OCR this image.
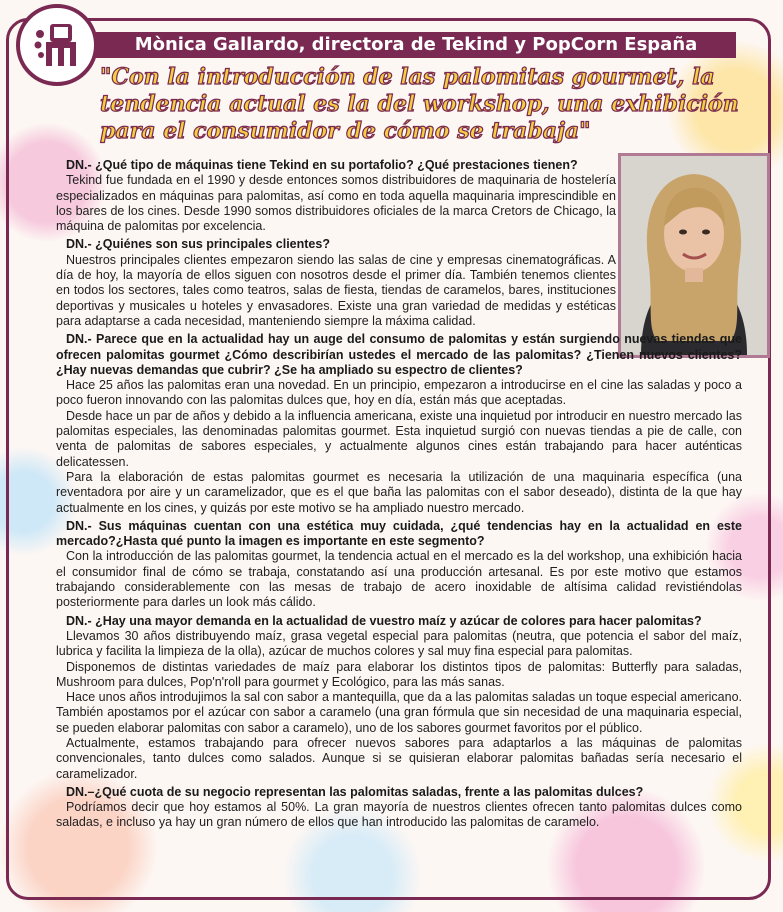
Mònica Gallardo, directora de Tekind y PopCorn España
"Con la introducción de las palomitas gourmet, la tendencia actual es la del workshop, una exhibición para el consumidor de cómo se trabaja"

DN.- ¿Qué tipo de máquinas tiene Tekind en su portafolio? ¿Qué prestaciones tienen?

Tekind fue fundada en el 1990 y desde entonces somos distribuidores de maquinaria de hostelería especializados en máquinas para palomitas, así como en toda aquella maquinaria imprescindible en los bares de los cines. Desde 1990 somos distribuidores oficiales de la marca Cretors de Chicago, la máquina de palomitas por excelencia.

DN.- ¿Quiénes son sus principales clientes?

Nuestros principales clientes empezaron siendo las salas de cine y empresas cinematográficas. A día de hoy, la mayoría de ellos siguen con nosotros desde el primer día. También tenemos clientes en todos los sectores, tales como teatros, salas de fiesta, tiendas de caramelos, bares, instituciones deportivas y musicales u hoteles y envasadores. Existe una gran variedad de medidas y estéticas para adaptarse a cada necesidad, manteniendo siempre la máxima calidad.

DN.- Parece que en la actualidad hay un auge del consumo de palomitas y están surgiendo nuevas tiendas que ofrecen palomitas gourmet ¿Cómo describirían ustedes el mercado de las palomitas? ¿Tienen nuevos clientes? ¿Hay nuevas demandas que cubrir? ¿Se ha ampliado su espectro de clientes?

Hace 25 años las palomitas eran una novedad. En un principio, empezaron a introducirse en el cine las saladas y poco a poco fueron innovando con las palomitas dulces que, hoy en día, están más que aceptadas.

Desde hace un par de años y debido a la influencia americana, existe una inquietud por introducir en nuestro mercado las palomitas especiales, las denominadas palomitas gourmet. Esta inquietud surgió con nuevas tiendas a pie de calle, con venta de palomitas de sabores especiales, y actualmente algunos cines están trabajando para hacer auténticas delicatessen.

Para la elaboración de estas palomitas gourmet es necesaria la utilización de una maquinaria específica (una reventadora por aire y un caramelizador, que es el que baña las palomitas con el sabor deseado), distinta de la que hay actualmente en los cines, y quizás por este motivo se ha ampliado nuestro mercado.

DN.- Sus máquinas cuentan con una estética muy cuidada, ¿qué tendencias hay en la actualidad en este mercado?¿Hasta qué punto la imagen es importante en este segmento?

Con la introducción de las palomitas gourmet, la tendencia actual en el mercado es la del workshop, una exhibición hacia el consumidor final de cómo se trabaja, constatando así una producción artesanal. Es por este motivo que estamos trabajando considerablemente con las mesas de trabajo de acero inoxidable de altísima calidad revistiéndolas posteriormente para darles un look más cálido.

DN.- ¿Hay una mayor demanda en la actualidad de vuestro maíz y azúcar de colores para hacer palomitas?

Llevamos 30 años distribuyendo maíz, grasa vegetal especial para palomitas (neutra, que potencia el sabor del maíz, lubrica y facilita la limpieza de la olla), azúcar de muchos colores y sal muy fina especial para palomitas.

Disponemos de distintas variedades de maíz para elaborar los distintos tipos de palomitas: Butterfly para saladas, Mushroom para dulces, Pop'n'roll para gourmet y Ecológico, para las más sanas.

Hace unos años introdujimos la sal con sabor a mantequilla, que da a las palomitas saladas un toque especial americano. También apostamos por el azúcar con sabor a caramelo (una gran fórmula que sin necesidad de una maquinaria especial, se pueden elaborar palomitas con sabor a caramelo), uno de los sabores gourmet favoritos por el público.

Actualmente, estamos trabajando para ofrecer nuevos sabores para adaptarlos a las máquinas de palomitas convencionales, tanto dulces como salados. Aunque si se quisieran elaborar palomitas bañadas sería necesario el caramelizador.

DN.–¿Qué cuota de su negocio representan las palomitas saladas, frente a las palomitas dulces?

Podríamos decir que hoy estamos al 50%. La gran mayoría de nuestros clientes ofrecen tanto palomitas dulces como saladas, e incluso ya hay un gran número de ellos que han introducido las palomitas de caramelo.
